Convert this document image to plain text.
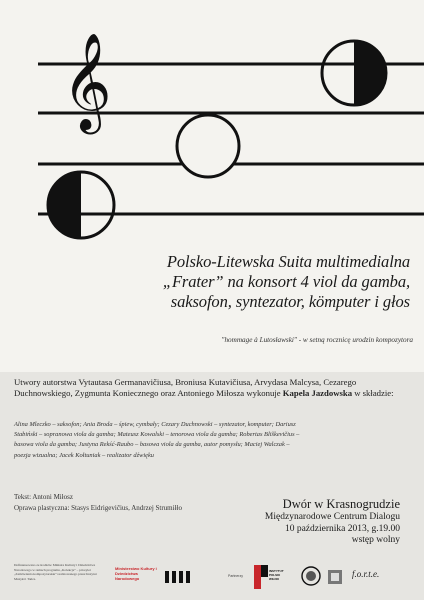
𝄞
Polsko-Litewska Suita multimedialna
„Frater” na konsort 4 viol da gamba,
saksofon, syntezator, kömputer i głos
"hommage à Lutosławski" - w setną rocznicę urodzin kompozytora
Utwory autorstwa Vytautasa Germanavičiusa, Broniusa Kutavičiusa, Arvydasa Malcysa, Cezarego Duchnowskiego, Zygmunta Koniecznego oraz Antoniego Miłosza wykonuje Kapela Jazdowska w składzie:
Alina Mleczko – saksofon; Ania Broda – śpiew, cymbały; Cezary Duchnowski – syntezator, komputer; Dariusz Stabiński – sopranowa viola da gamba; Mateusz Kowalski – tenorowa viola da gamba; Robertas Bliškevičius – basowa viola da gamba; Justyna Rekść-Raubo – basowa viola da gamba, autor pomysłu; Maciej Walczak – poezja wizualna; Jacek Kołtuniak – realizator dźwięku
Tekst: Antoni Miłosz
Oprawa plastyczna: Stasys Eidrigevičius, Andrzej Strumiłło	Dwór w Krasnogrudzie
Międzynarodowe Centrum Dialogu
10 października 2013, g.19.00
wstęp wolny
Dofinansowano ze środków Ministra Kultury i Dziedzictwa Narodowego w ramach programu „Kolekcje” – priorytet „Zamówienia kompozytorskie” realizowanego przez Instytut Muzyki i Tańca.
Ministerstwo Kultury i Dziedzictwa Narodowego	Partnerzy
INSTYTUT POLSKI WILNO	f.o.r.t.e.
